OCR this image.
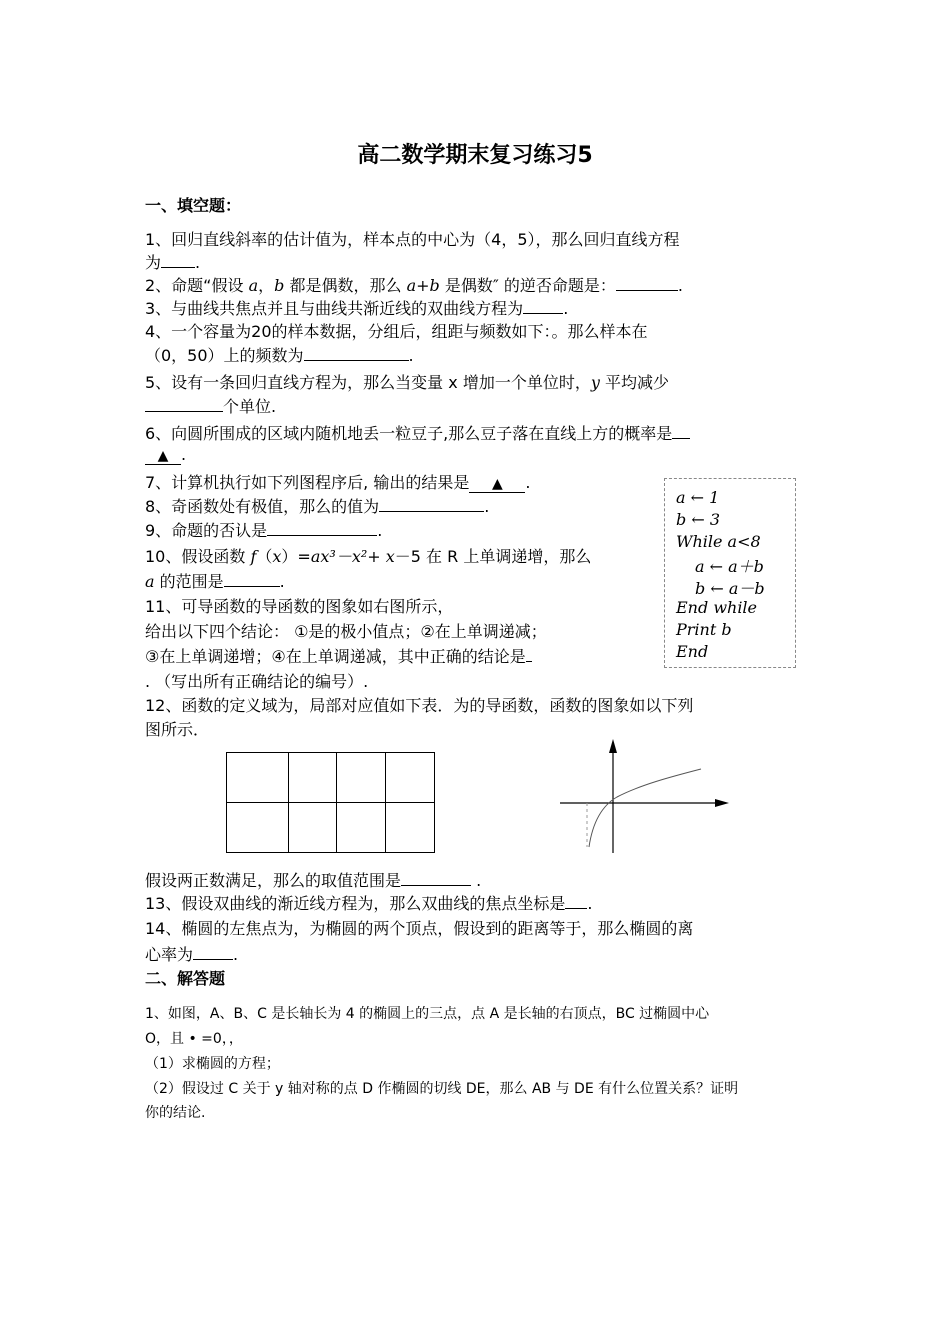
高二数学期末复习练习5
一、填空题：
1、回归直线斜率的估计值为，样本点的中心为（4，5），那么回归直线方程
为 .
2、命题“假设 a，b 都是偶数，那么 a+b 是偶数″ 的逆否命题是：	.
3、与曲线共焦点并且与曲线共渐近线的双曲线方程为	.
4、一个容量为20的样本数据，分组后，组距与频数如下：。那么样本在
（0，50）上的频数为	.
5、设有一条回归直线方程为，那么当变量 x 增加一个单位时，y 平均减少
个单位.
6、向圆所围成的区域内随机地丢一粒豆子,那么豆子落在直线上方的概率是
▲ .
7、计算机执行如下列图程序后, 输出的结果是 ▲ .
8、奇函数处有极值，那么的值为	.
9、命题的否认是	.
10、假设函数 f（x）=ax³－x²+ x－5 在 R 上单调递增，那么
a 的范围是	.
11、可导函数的导函数的图象如右图所示，
给出以下四个结论： ①是的极小值点；②在上单调递减；
③在上单调递增；④在上单调递减，其中正确的结论是
. （写出所有正确结论的编号）.
a ← 1
b ← 3
While a<8
a ← a＋b
b ← a－b
End while
Print b
End
12、函数的定义域为，局部对应值如下表．为的导函数，函数的图象如以下列
图所示．

假设两正数满足，那么的取值范围是	.
13、假设双曲线的渐近线方程为，那么双曲线的焦点坐标是 .
14、椭圆的左焦点为，为椭圆的两个顶点，假设到的距离等于，那么椭圆的离
心率为	.
二、解答题
1、如图，A、B、C 是长轴长为 4 的椭圆上的三点，点 A 是长轴的右顶点，BC 过椭圆中心
O，且 • =0，，
（1）求椭圆的方程；
（2）假设过 C 关于 y 轴对称的点 D 作椭圆的切线 DE，那么 AB 与 DE 有什么位置关系？证明
你的结论.
